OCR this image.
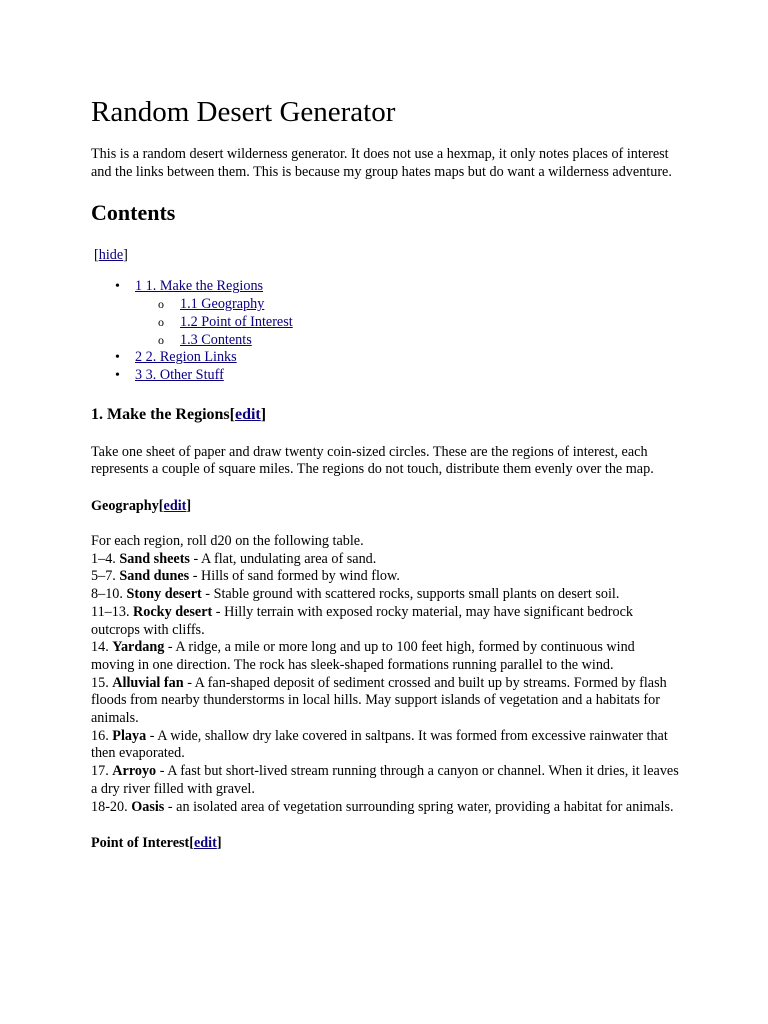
Random Desert Generator

This is a random desert wilderness generator. It does not use a hexmap, it only notes places of interest and the links between them. This is because my group hates maps but do want a wilderness adventure.

Contents
[hide]
• 1 1. Make the Regions
o 1.1 Geography
o 1.2 Point of Interest
o 1.3 Contents
• 2 2. Region Links
• 3 3. Other Stuff
1. Make the Regions[edit]

Take one sheet of paper and draw twenty coin-sized circles. These are the regions of interest, each represents a couple of square miles. The regions do not touch, distribute them evenly over the map.

Geography[edit]

For each region, roll d20 on the following table.

1–4. Sand sheets - A flat, undulating area of sand.
5–7. Sand dunes - Hills of sand formed by wind flow.
8–10. Stony desert - Stable ground with scattered rocks, supports small plants on desert soil.
11–13. Rocky desert - Hilly terrain with exposed rocky material, may have significant bedrock outcrops with cliffs.
14. Yardang - A ridge, a mile or more long and up to 100 feet high, formed by continuous wind moving in one direction. The rock has sleek-shaped formations running parallel to the wind.
15. Alluvial fan - A fan-shaped deposit of sediment crossed and built up by streams. Formed by flash floods from nearby thunderstorms in local hills. May support islands of vegetation and a habitats for animals.
16. Playa - A wide, shallow dry lake covered in saltpans. It was formed from excessive rainwater that then evaporated.
17. Arroyo - A fast but short-lived stream running through a canyon or channel. When it dries, it leaves a dry river filled with gravel.
18-20. Oasis - an isolated area of vegetation surrounding spring water, providing a habitat for animals.
Point of Interest[edit]
